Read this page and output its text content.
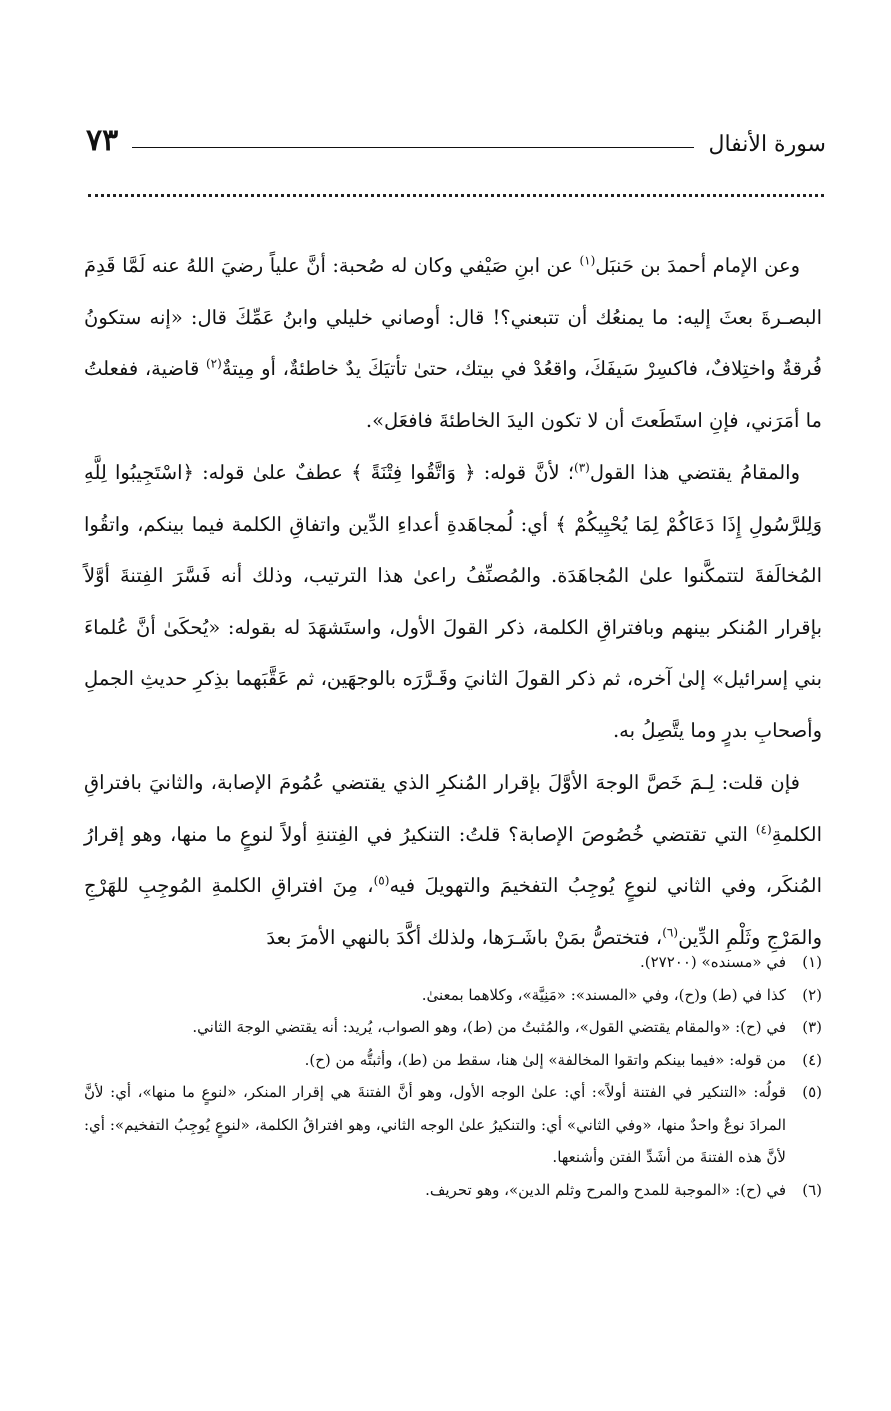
سورة الأنفال
٧٣

وعن الإمام أحمدَ بن حَنبَل$^{(١)}$ عن ابنِ صَيْفي وكان له صُحبة: أنَّ علياً رضيَ اللهُ عنه لَمَّا قَدِمَ البصـرةَ بعثَ إليه: ما يمنعُك أن تتبعني؟! قال: أوصاني خليلي وابنُ عَمِّكَ قال: «إنه ستكونُ فُرقةٌ واختِلافٌ، فاكسِرْ سَيفَكَ، واقعُدْ في بيتك، حتىٰ تأتيَكَ يدٌ خاطئةٌ، أو مِيتةٌ$^{(٢)}$ قاضية، ففعلتُ ما أمَرَني، فإنِ استَطَعتَ أن لا تكون اليدَ الخاطئةَ فافعَل».

والمقامُ يقتضي هذا القول$^{(٣)}$؛ لأنَّ قوله: ﴿ وَاتَّقُوا فِتْنَةً ﴾ عطفٌ علىٰ قوله: ﴿اسْتَجِيبُوا لِلَّهِ وَلِلرَّسُولِ إِذَا دَعَاكُمْ لِمَا يُحْيِيكُمْ ﴾ أي: لُمجاهَدةِ أعداءِ الدِّين واتفاقِ الكلمة فيما بينكم، واتقُوا المُخالَفةَ لتتمكَّنوا علىٰ المُجاهَدَة. والمُصنِّفُ راعىٰ هذا الترتيب، وذلك أنه فَسَّرَ الفِتنةَ أوَّلاً بإقرار المُنكر بينهم وبافتراقِ الكلمة، ذكر القولَ الأول، واستَشهَدَ له بقوله: «يُحكَىٰ أنَّ عُلماءَ بني إسرائيل» إلىٰ آخره، ثم ذكر القولَ الثانيَ وقَـرَّرَه بالوجهَين، ثم عَقَّبَهما بذِكرِ حديثِ الجملِ وأصحابِ بدرٍ وما يتَّصِلُ به.

فإن قلت: لِـمَ خَصَّ الوجهَ الأوَّلَ بإقرار المُنكرِ الذي يقتضي عُمُومَ الإصابة، والثانيَ بافتراقِ الكلمةِ$^{(٤)}$ التي تقتضي خُصُوصَ الإصابة؟ قلتُ: التنكيرُ في الفِتنةِ أولاً لنوعٍ ما منها، وهو إقرارُ المُنكَر، وفي الثاني لنوعٍ يُوجِبُ التفخيمَ والتهويلَ فيه$^{(٥)}$، مِنَ افتراقِ الكلمةِ المُوجِبِ للهَرْجِ والمَرْجِ وثَلْمِ الدِّين$^{(٦)}$، فتختصُّ بمَنْ باشَـرَها، ولذلك أكَّدَ بالنهي الأمرَ بعدَ

(١)
في «مسنده» (٢٧٢٠٠).
(٢)
كذا في (ط) و(ح)، وفي «المسند»: «مَنِيَّة»، وكلاهما بمعنىٰ.
(٣)
في (ح): «والمقام يقتضي القول»، والمُثبتُ من (ط)، وهو الصواب، يُريد: أنه يقتضي الوجهَ الثاني.
(٤)
من قوله: «فيما بينكم واتقوا المخالفة» إلىٰ هنا، سقط من (ط)، وأثبتُّه من (ح).
(٥)
قولُه: «التنكير في الفتنة أولاً»: أي: علىٰ الوجه الأول، وهو أنَّ الفتنةَ هي إقرار المنكر، «لنوعٍ ما منها»، أي: لأنَّ المرادَ نوعٌ واحدٌ منها، «وفي الثاني» أي: والتنكيرُ علىٰ الوجه الثاني، وهو افتراقُ الكلمة، «لنوعٍ يُوجِبُ التفخيم»: أي: لأنَّ هذه الفتنةَ من أشَدِّ الفتن وأشنعها.
(٦)
في (ح): «الموجبة للمدح والمرح وثلم الدين»، وهو تحريف.
